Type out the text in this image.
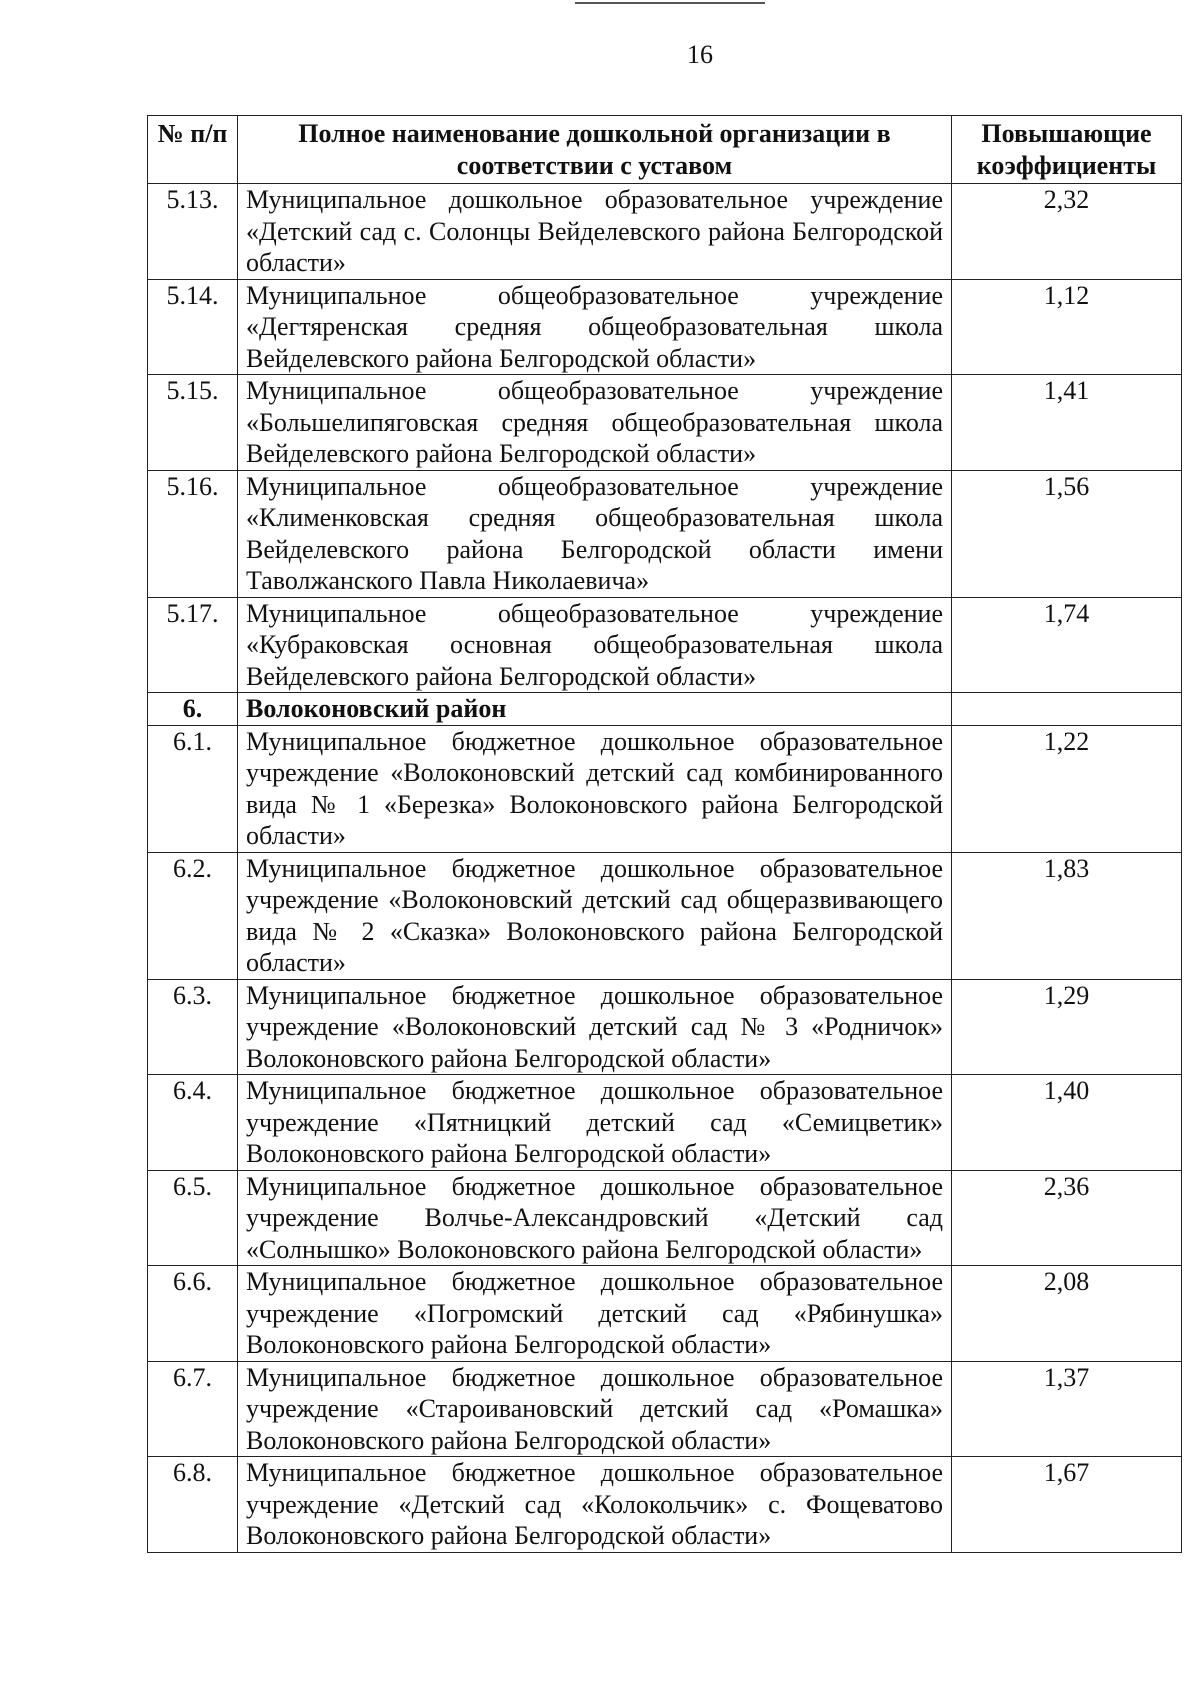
16
№ п/п	Полное наименование дошкольной организации в соответствии с уставом	Повышающие коэффициенты
5.13.	Муниципальное дошкольное образовательное учреждение «Детский сад с. Солонцы Вейделевского района Белгородской области»	2,32
5.14.	Муниципальное общеобразовательное учреждение «Дегтяренская средняя общеобразовательная школа Вейделевского района Белгородской области»	1,12
5.15.	Муниципальное общеобразовательное учреждение «Большелипяговская средняя общеобразовательная школа Вейделевского района Белгородской области»	1,41
5.16.	Муниципальное общеобразовательное учреждение «Клименковская средняя общеобразовательная школа Вейделевского района Белгородской области имени Таволжанского Павла Николаевича»	1,56
5.17.	Муниципальное общеобразовательное учреждение «Кубраковская основная общеобразовательная школа Вейделевского района Белгородской области»	1,74
6.	Волоконовский район	
6.1.	Муниципальное бюджетное дошкольное образовательное учреждение «Волоконовский детский сад комбинированного вида № 1 «Березка» Волоконовского района Белгородской области»	1,22
6.2.	Муниципальное бюджетное дошкольное образовательное учреждение «Волоконовский детский сад общеразвивающего вида № 2 «Сказка» Волоконовского района Белгородской области»	1,83
6.3.	Муниципальное бюджетное дошкольное образовательное учреждение «Волоконовский детский сад № 3 «Родничок» Волоконовского района Белгородской области»	1,29
6.4.	Муниципальное бюджетное дошкольное образовательное учреждение «Пятницкий детский сад «Семицветик» Волоконовского района Белгородской области»	1,40
6.5.	Муниципальное бюджетное дошкольное образовательное учреждение Волчье-Александровский «Детский сад «Солнышко» Волоконовского района Белгородской области»	2,36
6.6.	Муниципальное бюджетное дошкольное образовательное учреждение «Погромский детский сад «Рябинушка» Волоконовского района Белгородской области»	2,08
6.7.	Муниципальное бюджетное дошкольное образовательное учреждение «Староивановский детский сад «Ромашка» Волоконовского района Белгородской области»	1,37
6.8.	Муниципальное бюджетное дошкольное образовательное учреждение «Детский сад «Колокольчик» с. Фощеватово Волоконовского района Белгородской области»	1,67
